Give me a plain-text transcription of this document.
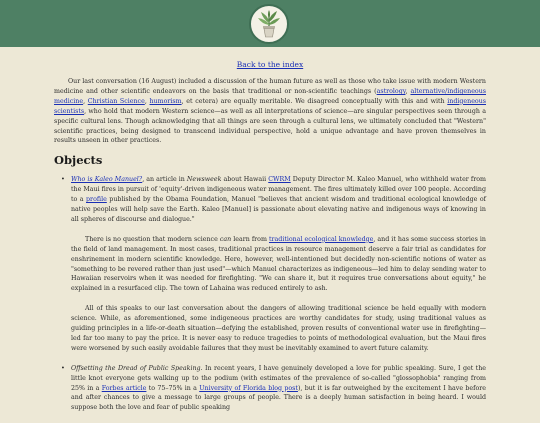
Back to the index

Our last conversation (16 August) included a discussion of the human future as well as those who take issue with modern Western medicine and other scientific endeavors on the basis that traditional or non-scientific teachings (astrology, alternative/indigeneous medicine, Christian Science, humorism, et cetera) are equally meritable. We disagreed conceptually with this and with indigeneous scientists, who hold that modern Western science—as well as all interpretations of science—are singular perspectives seen through a specific cultural lens. Though acknowledging that all things are seen through a cultural lens, we ultimately concluded that "Western" scientific practices, being designed to transcend individual perspective, hold a unique advantage and have proven themselves in results unseen in other practices.

Objects
• Who is Kaleo Manuel?, an article in Newsweek about Hawaii CWRM Deputy Director M. Kaleo Manuel, who withheld water from the Maui fires in pursuit of 'equity'-driven indigeneous water management. The fires ultimately killed over 100 people. According to a profile published by the Obama Foundation, Manuel "believes that ancient wisdom and traditional ecological knowledge of native peoples will help save the Earth. Kaleo [Manuel] is passionate about elevating native and indigenous ways of knowing in all spheres of discourse and dialogue."

There is no question that modern science can learn from traditional ecological knowledge, and it has some success stories in the field of land management. In most cases, traditional practices in resource management deserve a fair trial as candidates for enshrinement in modern scientific knowledge. Here, however, well-intentioned but decidedly non-scientific notions of water as "something to be revered rather than just used"—which Manuel characterizes as indigeneous—led him to delay sending water to Hawaiian reservoirs when it was needed for firefighting. "We can share it, but it requires true conversations about equity," he explained in a resurfaced clip. The town of Lahaina was reduced entirely to ash.

All of this speaks to our last conversation about the dangers of allowing traditional science be held equally with modern science. While, as aforementioned, some indigeneous practices are worthy candidates for study, using traditional values as guiding principles in a life-or-death situation—defying the established, proven results of conventional water use in firefighting—led far too many to pay the price. It is never easy to reduce tragedies to points of methodological evaluation, but the Maui fires were worsened by such easily avoidable failures that they must be inevitably examined to avert future calamity.

• Offsetting the Dread of Public Speaking. In recent years, I have genuinely developed a love for public speaking. Sure, I get the little knot everyone gets walking up to the podium (with estimates of the prevalence of so-called "glossophobia" ranging from 25% in a Forbes article to 75–75% in a University of Florida blog post), but it is far outweighed by the excitement I have before and after chances to give a message to large groups of people. There is a deeply human satisfaction in being heard. I would suppose both the love and fear of public speaking
